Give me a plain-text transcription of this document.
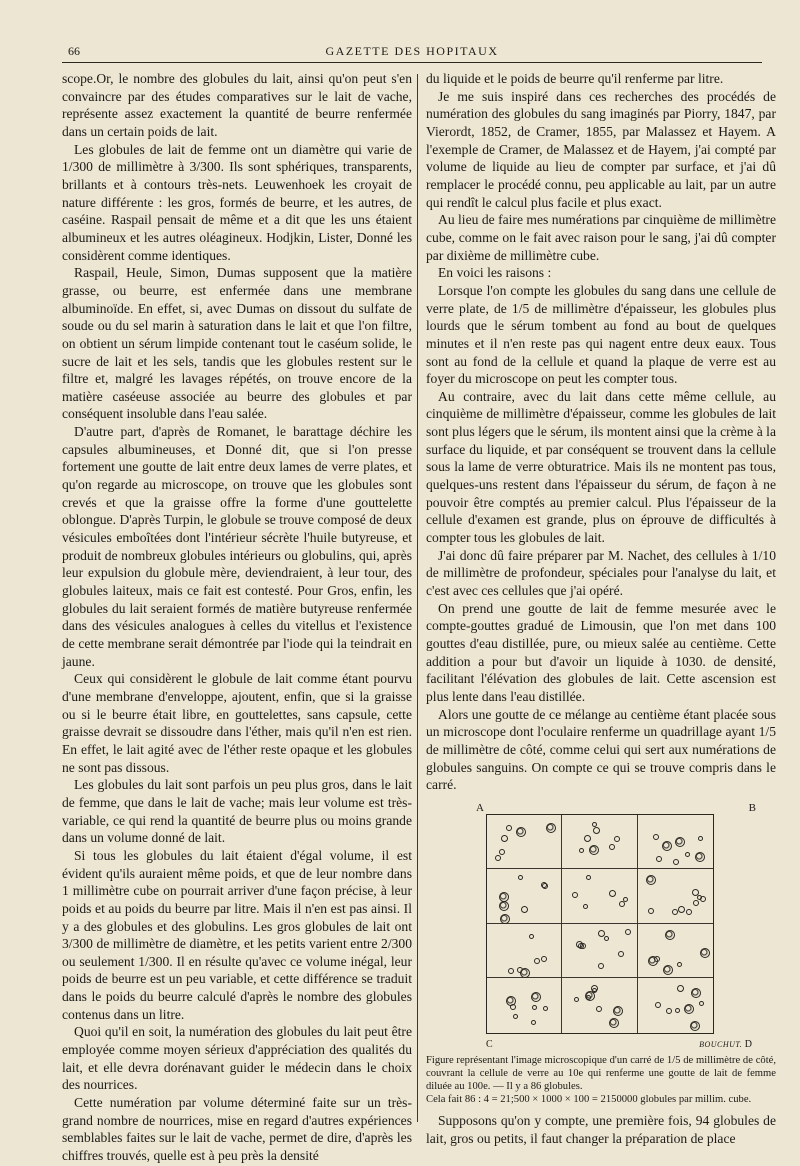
66	GAZETTE DES HOPITAUX

scope.Or, le nombre des globules du lait, ainsi qu'on peut s'en convaincre par des études comparatives sur le lait de vache, représente assez exactement la quantité de beurre renfermée dans un certain poids de lait.

Les globules de lait de femme ont un diamètre qui varie de 1/300 de millimètre à 3/300. Ils sont sphériques, transparents, brillants et à contours très-nets. Leuwenhoek les croyait de nature différente : les gros, formés de beurre, et les autres, de caséine. Raspail pensait de même et a dit que les uns étaient albumineux et les autres oléagineux. Hodjkin, Lister, Donné les considèrent comme identiques.

Raspail, Heule, Simon, Dumas supposent que la matière grasse, ou beurre, est enfermée dans une membrane albuminoïde. En effet, si, avec Dumas on dissout du sulfate de soude ou du sel marin à saturation dans le lait et que l'on filtre, on obtient un sérum limpide contenant tout le caséum solide, le sucre de lait et les sels, tandis que les globules restent sur le filtre et, malgré les lavages répétés, on trouve encore de la matière caséeuse associée au beurre des globules et par conséquent insoluble dans l'eau salée.

D'autre part, d'après de Romanet, le barattage déchire les capsules albumineuses, et Donné dit, que si l'on presse fortement une goutte de lait entre deux lames de verre plates, et qu'on regarde au microscope, on trouve que les globules sont crevés et que la graisse offre la forme d'une gouttelette oblongue. D'après Turpin, le globule se trouve composé de deux vésicules emboîtées dont l'intérieur sécrète l'huile butyreuse, et produit de nombreux globules intérieurs ou globulins, qui, après leur expulsion du globule mère, deviendraient, à leur tour, des globules laiteux, mais ce fait est contesté. Pour Gros, enfin, les globules du lait seraient formés de matière butyreuse renfermée dans des vésicules analogues à celles du vitellus et l'existence de cette membrane serait démontrée par l'iode qui la teindrait en jaune.

Ceux qui considèrent le globule de lait comme étant pourvu d'une membrane d'enveloppe, ajoutent, enfin, que si la graisse ou si le beurre était libre, en gouttelettes, sans capsule, cette graisse devrait se dissoudre dans l'éther, mais qu'il n'en est rien. En effet, le lait agité avec de l'éther reste opaque et les globules ne sont pas dissous.

Les globules du lait sont parfois un peu plus gros, dans le lait de femme, que dans le lait de vache; mais leur volume est très-variable, ce qui rend la quantité de beurre plus ou moins grande dans un volume donné de lait.

Si tous les globules du lait étaient d'égal volume, il est évident qu'ils auraient même poids, et que de leur nombre dans 1 millimètre cube on pourrait arriver d'une façon précise, à leur poids et au poids du beurre par litre. Mais il n'en est pas ainsi. Il y a des globules et des globulins. Les gros globules de lait ont 3/300 de millimètre de diamètre, et les petits varient entre 2/300 ou seulement 1/300. Il en résulte qu'avec ce volume inégal, leur poids de beurre est un peu variable, et cette différence se traduit dans le poids du beurre calculé d'après le nombre des globules contenus dans un litre.

Quoi qu'il en soit, la numération des globules du lait peut être employée comme moyen sérieux d'appréciation des qualités du lait, et elle devra dorénavant guider le médecin dans le choix des nourrices.

Cette numération par volume déterminé faite sur un très-grand nombre de nourrices, mise en regard d'autres expériences semblables faites sur le lait de vache, permet de dire, d'après les chiffres trouvés, quelle est à peu près la densité

du liquide et le poids de beurre qu'il renferme par litre.

Je me suis inspiré dans ces recherches des procédés de numération des globules du sang imaginés par Piorry, 1847, par Vierordt, 1852, de Cramer, 1855, par Malassez et Hayem. A l'exemple de Cramer, de Malassez et de Hayem, j'ai compté par volume de liquide au lieu de compter par surface, et j'ai dû remplacer le procédé connu, peu applicable au lait, par un autre qui rendît le calcul plus facile et plus exact.

Au lieu de faire mes numérations par cinquième de millimètre cube, comme on le fait avec raison pour le sang, j'ai dû compter par dixième de millimètre cube.

En voici les raisons :

Lorsque l'on compte les globules du sang dans une cellule de verre plate, de 1/5 de millimètre d'épaisseur, les globules plus lourds que le sérum tombent au fond au bout de quelques minutes et il n'en reste pas qui nagent entre deux eaux. Tous sont au fond de la cellule et quand la plaque de verre est au foyer du microscope on peut les compter tous.

Au contraire, avec du lait dans cette même cellule, au cinquième de millimètre d'épaisseur, comme les globules de lait sont plus légers que le sérum, ils montent ainsi que la crème à la surface du liquide, et par conséquent se trouvent dans la cellule sous la lame de verre obturatrice. Mais ils ne montent pas tous, quelques-uns restent dans l'épaisseur du sérum, de façon à ne pouvoir être comptés au premier calcul. Plus l'épaisseur de la cellule d'examen est grande, plus on éprouve de difficultés à compter tous les globules de lait.

J'ai donc dû faire préparer par M. Nachet, des cellules à 1/10 de millimètre de profondeur, spéciales pour l'analyse du lait, et c'est avec ces cellules que j'ai opéré.

On prend une goutte de lait de femme mesurée avec le compte-gouttes gradué de Limousin, que l'on met dans 100 gouttes d'eau distillée, pure, ou mieux salée au centième. Cette addition a pour but d'avoir un liquide à 1030. de densité, facilitant l'élévation des globules de lait. Cette ascension est plus lente dans l'eau distillée.

Alors une goutte de ce mélange au centième étant placée sous un microscope dont l'oculaire renferme un quadrillage ayant 1/5 de millimètre de côté, comme celui qui sert aux numérations de globules sanguins. On compte ce qui se trouve compris dans le carré.

A	B
C	BOUCHUT. D
Figure représentant l'image microscopique d'un carré de 1/5 de millimètre de côté, couvrant la cellule de verre au 10e qui renferme une goutte de lait de femme diluée au 100e. — Il y a 86 globules.
Cela fait 86 : 4 = 21;500 × 1000 × 100 = 2150000 globules par millim. cube.

Supposons qu'on y compte, une première fois, 94 globules de lait, gros ou petits, il faut changer la préparation de place
